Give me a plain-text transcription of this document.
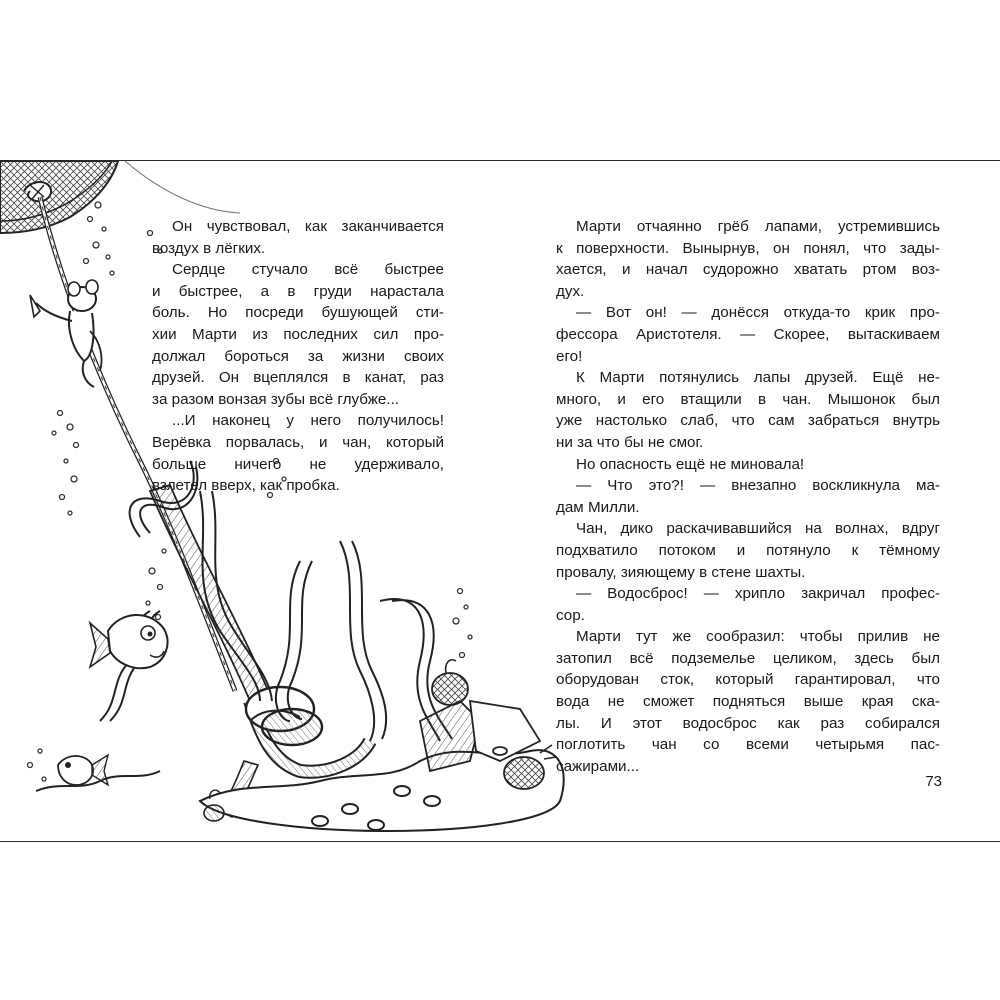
Он чувствовал, как заканчивается
воздух в лёгких.
Сердце стучало всё быстрее
и быстрее, а в груди нарастала
боль. Но посреди бушующей сти-
хии Марти из последних сил про-
должал бороться за жизни своих
друзей. Он вцеплялся в канат, раз
за разом вонзая зубы всё глубже...
...И наконец у него получилось!
Верёвка порвалась, и чан, который
больше ничего не удерживало,
взлетел вверх, как пробка.
Марти отчаянно грёб лапами, устремившись
к поверхности. Вынырнув, он понял, что зады-
хается, и начал судорожно хватать ртом воз-
дух.
— Вот он! — донёсся откуда-то крик про-
фессора Аристотеля. — Скорее, вытаскиваем
его!
К Марти потянулись лапы друзей. Ещё не-
много, и его втащили в чан. Мышонок был
уже настолько слаб, что сам забраться внутрь
ни за что бы не смог.
Но опасность ещё не миновала!
— Что это?! — внезапно воскликнула ма-
дам Милли.
Чан, дико раскачивавшийся на волнах, вдруг
подхватило потоком и потянуло к тёмному
провалу, зияющему в стене шахты.
— Водосброс! — хрипло закричал профес-
сор.
Марти тут же сообразил: чтобы прилив не
затопил всё подземелье целиком, здесь был
оборудован сток, который гарантировал, что
вода не сможет подняться выше края ска-
лы. И этот водосброс как раз собирался
поглотить чан со всеми четырьмя пас-
сажирами...
73
